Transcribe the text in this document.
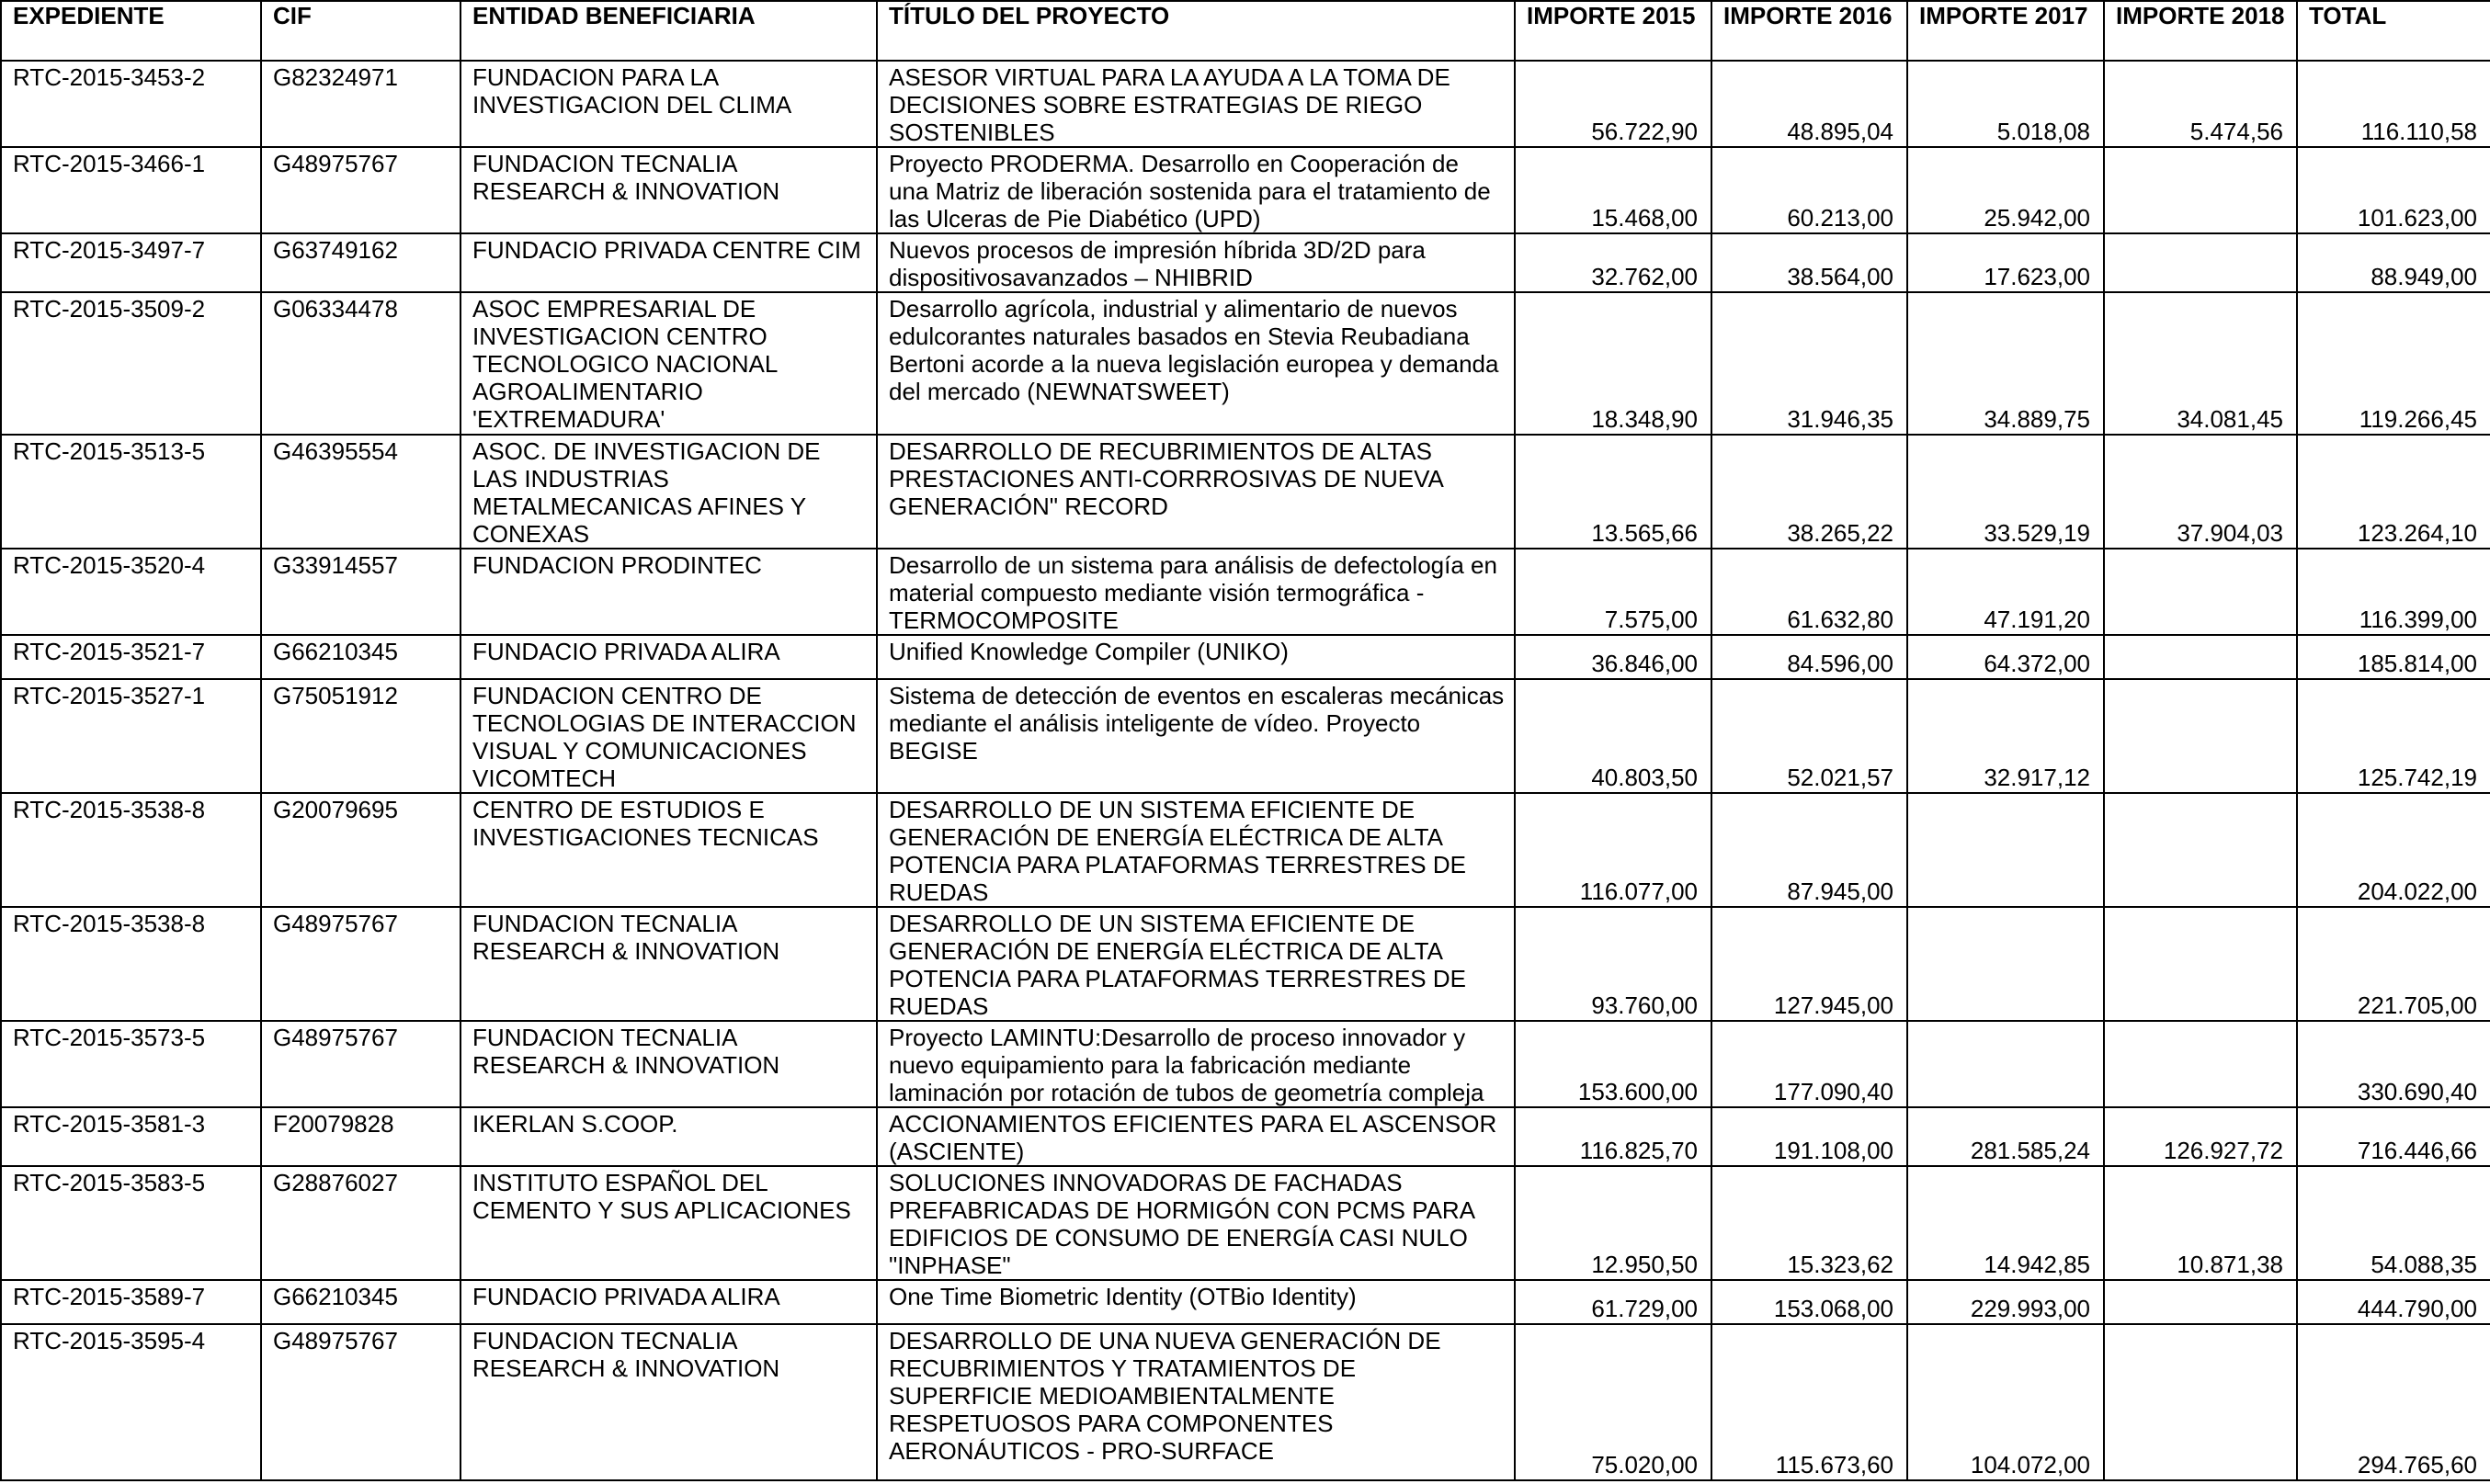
EXPEDIENTE	CIF	ENTIDAD BENEFICIARIA	TÍTULO DEL PROYECTO	IMPORTE 2015	IMPORTE 2016	IMPORTE 2017	IMPORTE 2018	TOTAL
RTC-2015-3453-2	G82324971	FUNDACION PARA LA INVESTIGACION DEL CLIMA	ASESOR VIRTUAL PARA LA AYUDA A LA TOMA DE DECISIONES SOBRE ESTRATEGIAS DE RIEGO SOSTENIBLES	56.722,90	48.895,04	5.018,08	5.474,56	116.110,58
RTC-2015-3466-1	G48975767	FUNDACION TECNALIA RESEARCH & INNOVATION	Proyecto PRODERMA. Desarrollo en Cooperación de una Matriz de liberación sostenida para el tratamiento de las Ulceras de Pie Diabético (UPD)	15.468,00	60.213,00	25.942,00		101.623,00
RTC-2015-3497-7	G63749162	FUNDACIO PRIVADA CENTRE CIM	Nuevos procesos de impresión híbrida 3D/2D para dispositivosavanzados – NHIBRID	32.762,00	38.564,00	17.623,00		88.949,00
RTC-2015-3509-2	G06334478	ASOC EMPRESARIAL DE INVESTIGACION CENTRO TECNOLOGICO NACIONAL AGROALIMENTARIO 'EXTREMADURA'	Desarrollo agrícola, industrial y alimentario de nuevos edulcorantes naturales basados en Stevia Reubadiana Bertoni acorde a la nueva legislación europea y demanda del mercado (NEWNATSWEET)	18.348,90	31.946,35	34.889,75	34.081,45	119.266,45
RTC-2015-3513-5	G46395554	ASOC. DE INVESTIGACION DE LAS INDUSTRIAS METALMECANICAS AFINES Y CONEXAS	DESARROLLO DE RECUBRIMIENTOS DE ALTAS PRESTACIONES ANTI-CORRROSIVAS DE NUEVA GENERACIÓN" RECORD	13.565,66	38.265,22	33.529,19	37.904,03	123.264,10
RTC-2015-3520-4	G33914557	FUNDACION PRODINTEC	Desarrollo de un sistema para análisis de defectología en material compuesto mediante visión termográfica - TERMOCOMPOSITE	7.575,00	61.632,80	47.191,20		116.399,00
RTC-2015-3521-7	G66210345	FUNDACIO PRIVADA ALIRA	Unified Knowledge Compiler (UNIKO)	36.846,00	84.596,00	64.372,00		185.814,00
RTC-2015-3527-1	G75051912	FUNDACION CENTRO DE TECNOLOGIAS DE INTERACCION VISUAL Y COMUNICACIONES VICOMTECH	Sistema de detección de eventos en escaleras mecánicas mediante el análisis inteligente de vídeo. Proyecto BEGISE	40.803,50	52.021,57	32.917,12		125.742,19
RTC-2015-3538-8	G20079695	CENTRO DE ESTUDIOS E INVESTIGACIONES TECNICAS	DESARROLLO DE UN SISTEMA EFICIENTE DE GENERACIÓN DE ENERGÍA ELÉCTRICA DE ALTA POTENCIA PARA PLATAFORMAS TERRESTRES DE RUEDAS	116.077,00	87.945,00			204.022,00
RTC-2015-3538-8	G48975767	FUNDACION TECNALIA RESEARCH & INNOVATION	DESARROLLO DE UN SISTEMA EFICIENTE DE GENERACIÓN DE ENERGÍA ELÉCTRICA DE ALTA POTENCIA PARA PLATAFORMAS TERRESTRES DE RUEDAS	93.760,00	127.945,00			221.705,00
RTC-2015-3573-5	G48975767	FUNDACION TECNALIA RESEARCH & INNOVATION	Proyecto LAMINTU:Desarrollo de proceso innovador y nuevo equipamiento para la fabricación mediante laminación por rotación de tubos de geometría compleja	153.600,00	177.090,40			330.690,40
RTC-2015-3581-3	F20079828	IKERLAN S.COOP.	ACCIONAMIENTOS EFICIENTES PARA EL ASCENSOR (ASCIENTE)	116.825,70	191.108,00	281.585,24	126.927,72	716.446,66
RTC-2015-3583-5	G28876027	INSTITUTO ESPAÑOL DEL CEMENTO Y SUS APLICACIONES	SOLUCIONES INNOVADORAS DE FACHADAS PREFABRICADAS DE HORMIGÓN CON PCMS PARA EDIFICIOS DE CONSUMO DE ENERGÍA CASI NULO "INPHASE"	12.950,50	15.323,62	14.942,85	10.871,38	54.088,35
RTC-2015-3589-7	G66210345	FUNDACIO PRIVADA ALIRA	One Time Biometric Identity (OTBio Identity)	61.729,00	153.068,00	229.993,00		444.790,00
RTC-2015-3595-4	G48975767	FUNDACION TECNALIA RESEARCH & INNOVATION	DESARROLLO DE UNA NUEVA GENERACIÓN DE RECUBRIMIENTOS Y TRATAMIENTOS DE SUPERFICIE MEDIOAMBIENTALMENTE RESPETUOSOS PARA COMPONENTES AERONÁUTICOS - PRO-SURFACE	75.020,00	115.673,60	104.072,00		294.765,60
